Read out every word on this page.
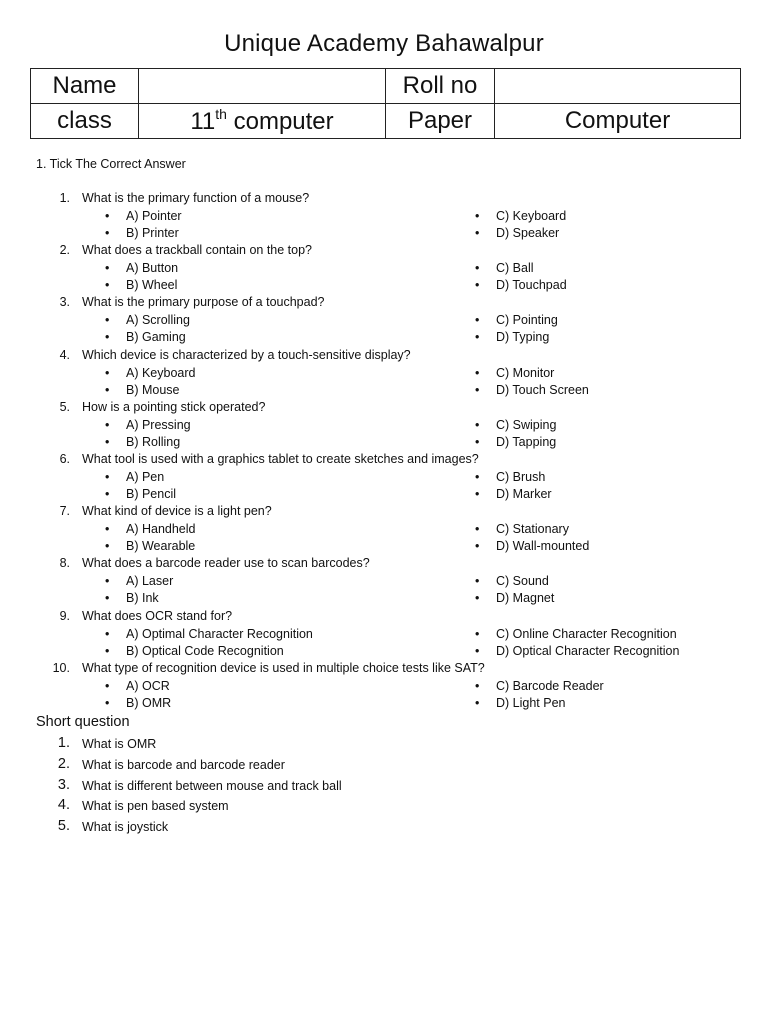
Unique Academy Bahawalpur
Name		Roll no	
class	11th computer	Paper	Computer
1. Tick The Correct Answer
1. What is the primary function of a mouse?
• A) Pointer
• B) Printer
• C) Keyboard
• D) Speaker
2. What does a trackball contain on the top?
• A) Button
• B) Wheel
• C) Ball
• D) Touchpad
3. What is the primary purpose of a touchpad?
• A) Scrolling
• B) Gaming
• C) Pointing
• D) Typing
4. Which device is characterized by a touch-sensitive display?
• A) Keyboard
• B) Mouse
• C) Monitor
• D) Touch Screen
5. How is a pointing stick operated?
• A) Pressing
• B) Rolling
• C) Swiping
• D) Tapping
6. What tool is used with a graphics tablet to create sketches and images?
• A) Pen
• B) Pencil
• C) Brush
• D) Marker
7. What kind of device is a light pen?
• A) Handheld
• B) Wearable
• C) Stationary
• D) Wall-mounted
8. What does a barcode reader use to scan barcodes?
• A) Laser
• B) Ink
• C) Sound
• D) Magnet
9. What does OCR stand for?
• A) Optimal Character Recognition
• B) Optical Code Recognition
• C) Online Character Recognition
• D) Optical Character Recognition
10. What type of recognition device is used in multiple choice tests like SAT?
• A) OCR
• B) OMR
• C) Barcode Reader
• D) Light Pen
Short question
1. What is OMR
2. What is barcode and barcode reader
3. What is different between mouse and track ball
4. What is pen based system
5. What is joystick
